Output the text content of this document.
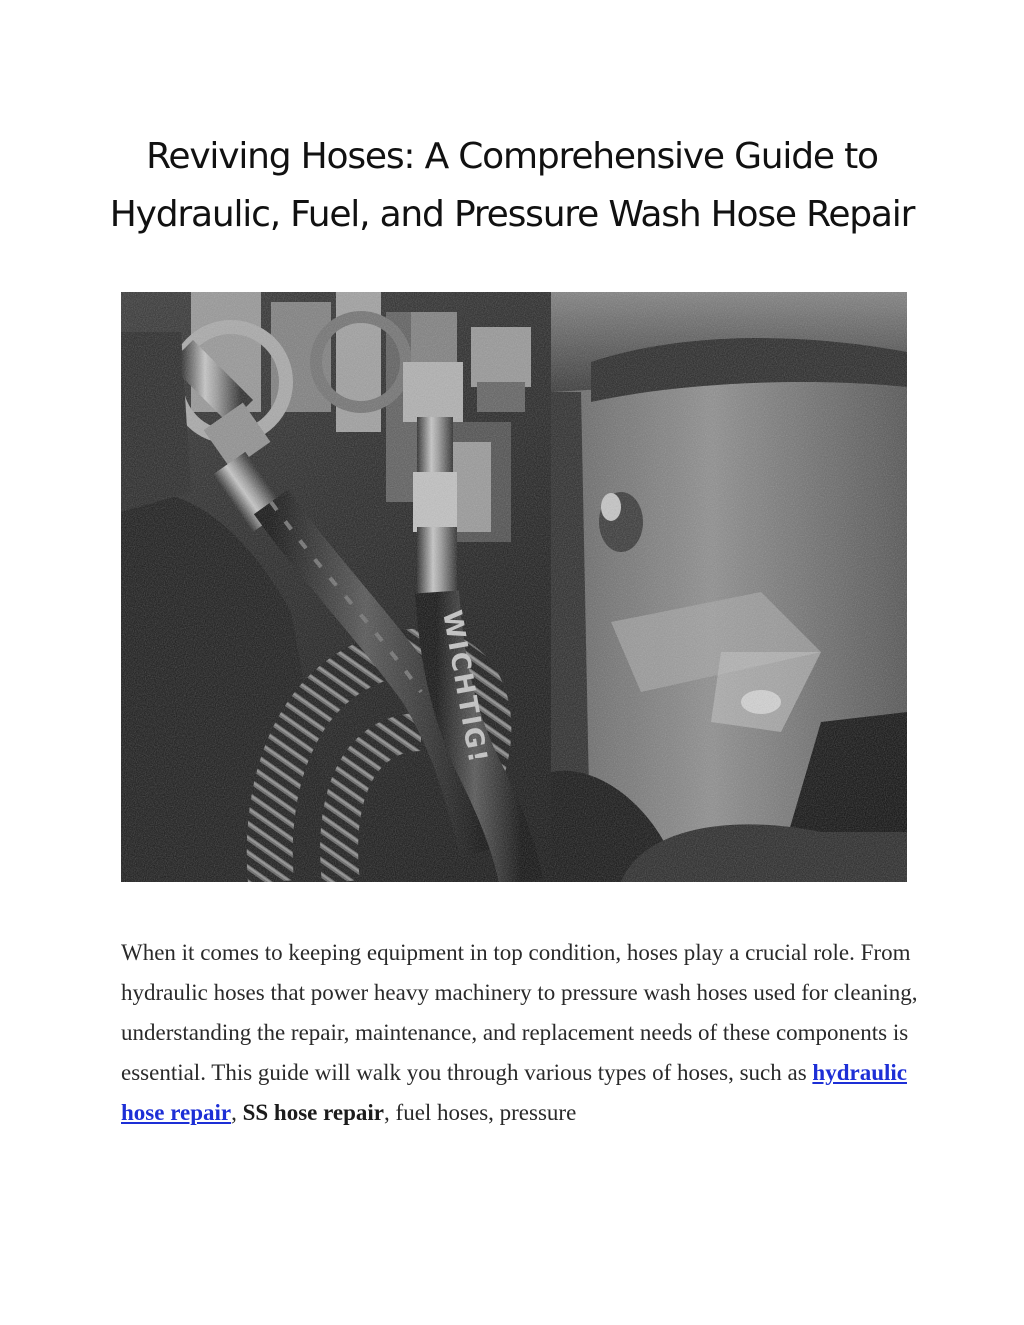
Reviving Hoses: A Comprehensive Guide to Hydraulic, Fuel, and Pressure Wash Hose Repair

When it comes to keeping equipment in top condition, hoses play a crucial role. From hydraulic hoses that power heavy machinery to pressure wash hoses used for cleaning, understanding the repair, maintenance, and replacement needs of these components is essential. This guide will walk you through various types of hoses, such as hydraulic hose repair, SS hose repair, fuel hoses, pressure
